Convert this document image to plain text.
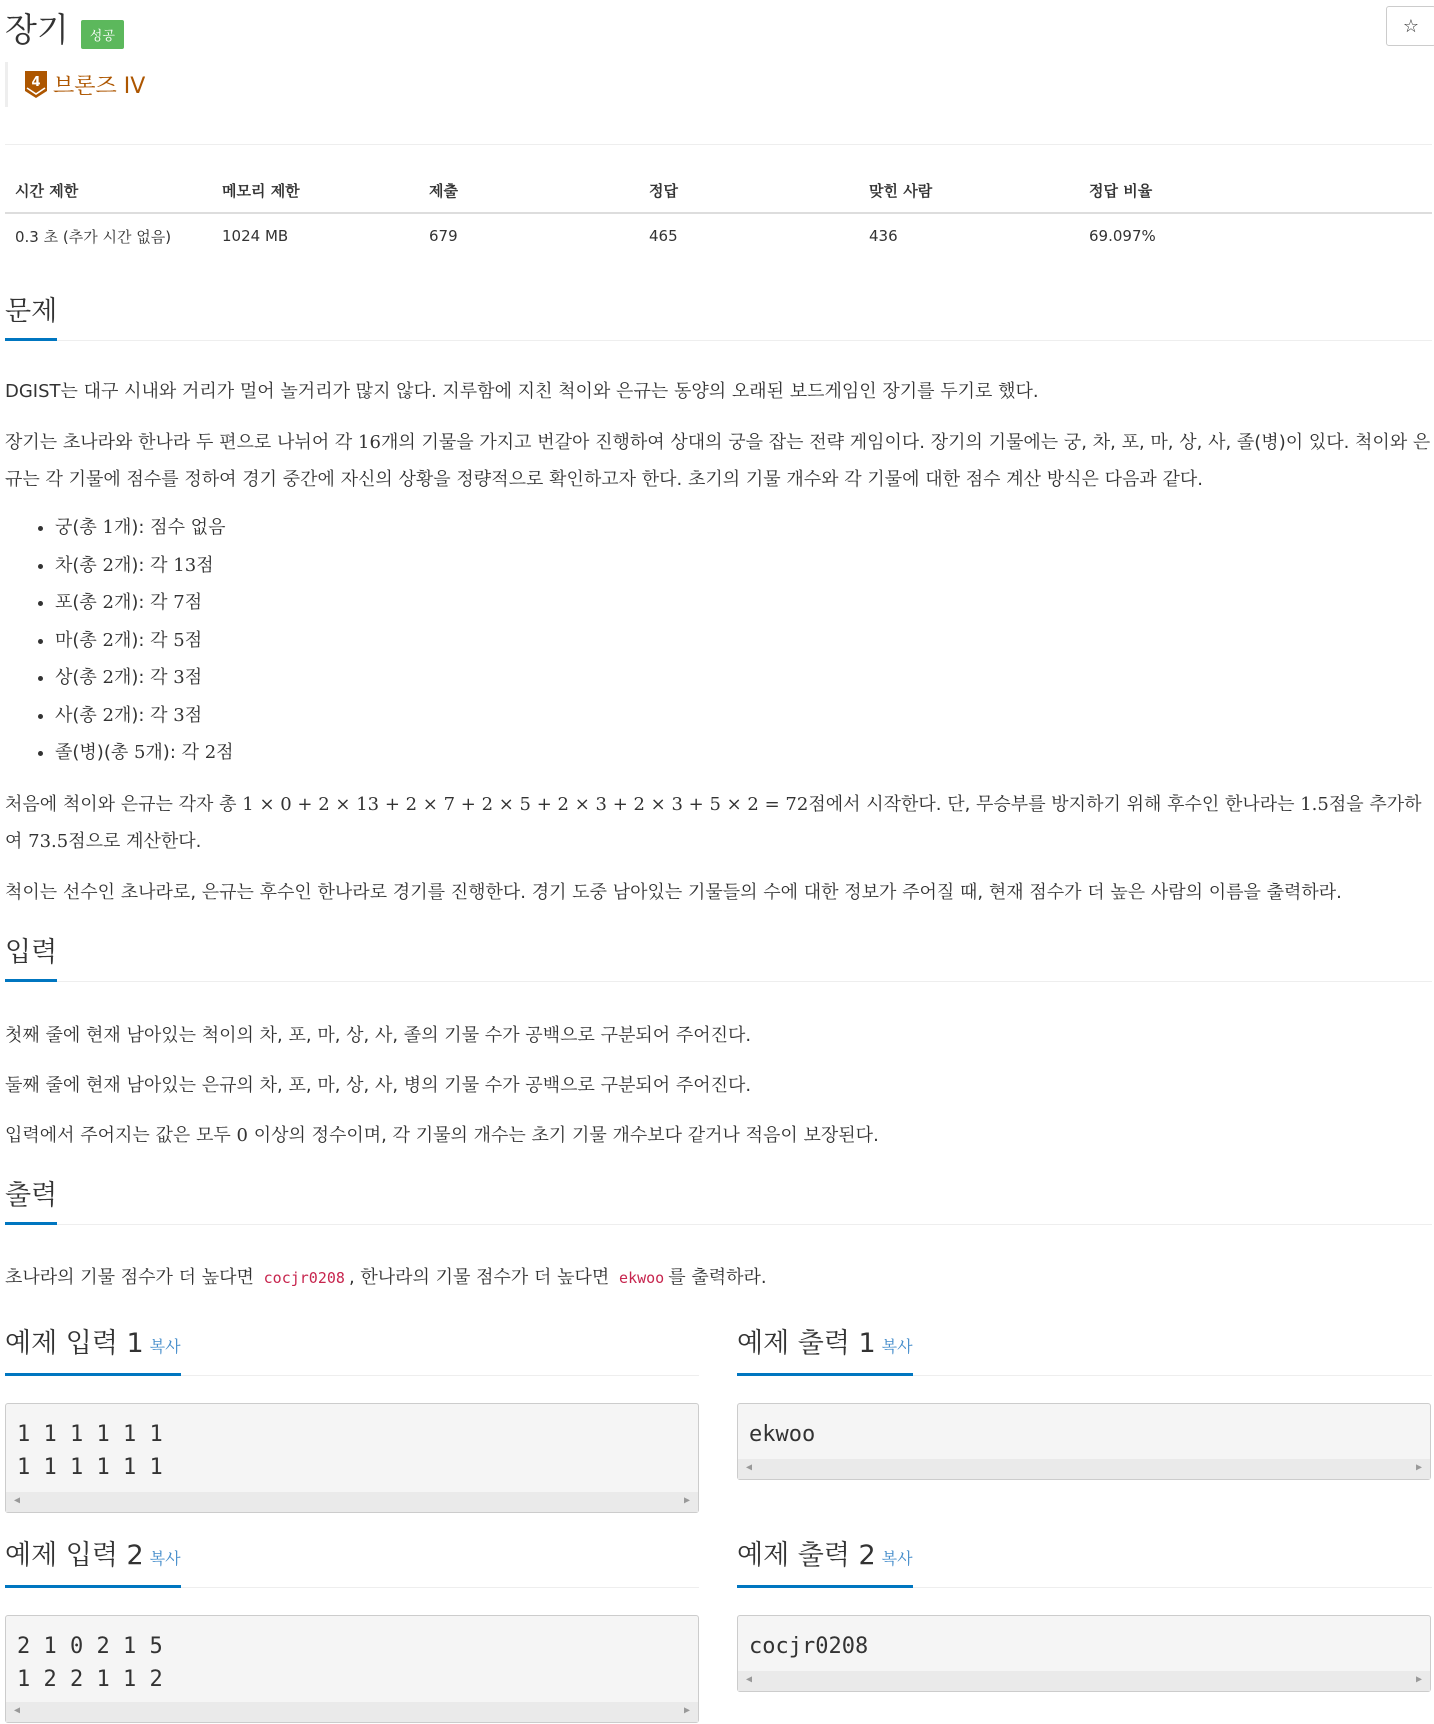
장기	성공	☆
4 브론즈 IV
시간 제한	메모리 제한	제출	정답	맞힌 사람	정답 비율
0.3 초 (추가 시간 없음)	1024 MB	679	465	436	69.097%
문제

DGIST는 대구 시내와 거리가 멀어 놀거리가 많지 않다. 지루함에 지친 척이와 은규는 동양의 오래된 보드게임인 장기를 두기로 했다.

장기는 초나라와 한나라 두 편으로 나뉘어 각 16개의 기물을 가지고 번갈아 진행하여 상대의 궁을 잡는 전략 게임이다. 장기의 기물에는 궁, 차, 포, 마, 상, 사, 졸(병)이 있다. 척이와 은규는 각 기물에 점수를 정하여 경기 중간에 자신의 상황을 정량적으로 확인하고자 한다. 초기의 기물 개수와 각 기물에 대한 점수 계산 방식은 다음과 같다.

• 궁(총 1개): 점수 없음
• 차(총 2개): 각 13점
• 포(총 2개): 각 7점
• 마(총 2개): 각 5점
• 상(총 2개): 각 3점
• 사(총 2개): 각 3점
• 졸(병)(총 5개): 각 2점

처음에 척이와 은규는 각자 총 1 × 0 + 2 × 13 + 2 × 7 + 2 × 5 + 2 × 3 + 2 × 3 + 5 × 2 = 72점에서 시작한다. 단, 무승부를 방지하기 위해 후수인 한나라는 1.5점을 추가하여 73.5점으로 계산한다.

척이는 선수인 초나라로, 은규는 후수인 한나라로 경기를 진행한다. 경기 도중 남아있는 기물들의 수에 대한 정보가 주어질 때, 현재 점수가 더 높은 사람의 이름을 출력하라.

입력

첫째 줄에 현재 남아있는 척이의 차, 포, 마, 상, 사, 졸의 기물 수가 공백으로 구분되어 주어진다.

둘째 줄에 현재 남아있는 은규의 차, 포, 마, 상, 사, 병의 기물 수가 공백으로 구분되어 주어진다.

입력에서 주어지는 값은 모두 0 이상의 정수이며, 각 기물의 개수는 초기 기물 개수보다 같거나 적음이 보장된다.

출력

초나라의 기물 점수가 더 높다면 cocjr0208 , 한나라의 기물 점수가 더 높다면 ekwoo 를 출력하라.

예제 입력 1 복사	예제 출력 1 복사
1 1 1 1 1 1
1 1 1 1 1 1
◀	▶
ekwoo
◀	▶
예제 입력 2 복사	예제 출력 2 복사
2 1 0 2 1 5
1 2 2 1 1 2
◀	▶
cocjr0208
◀	▶
